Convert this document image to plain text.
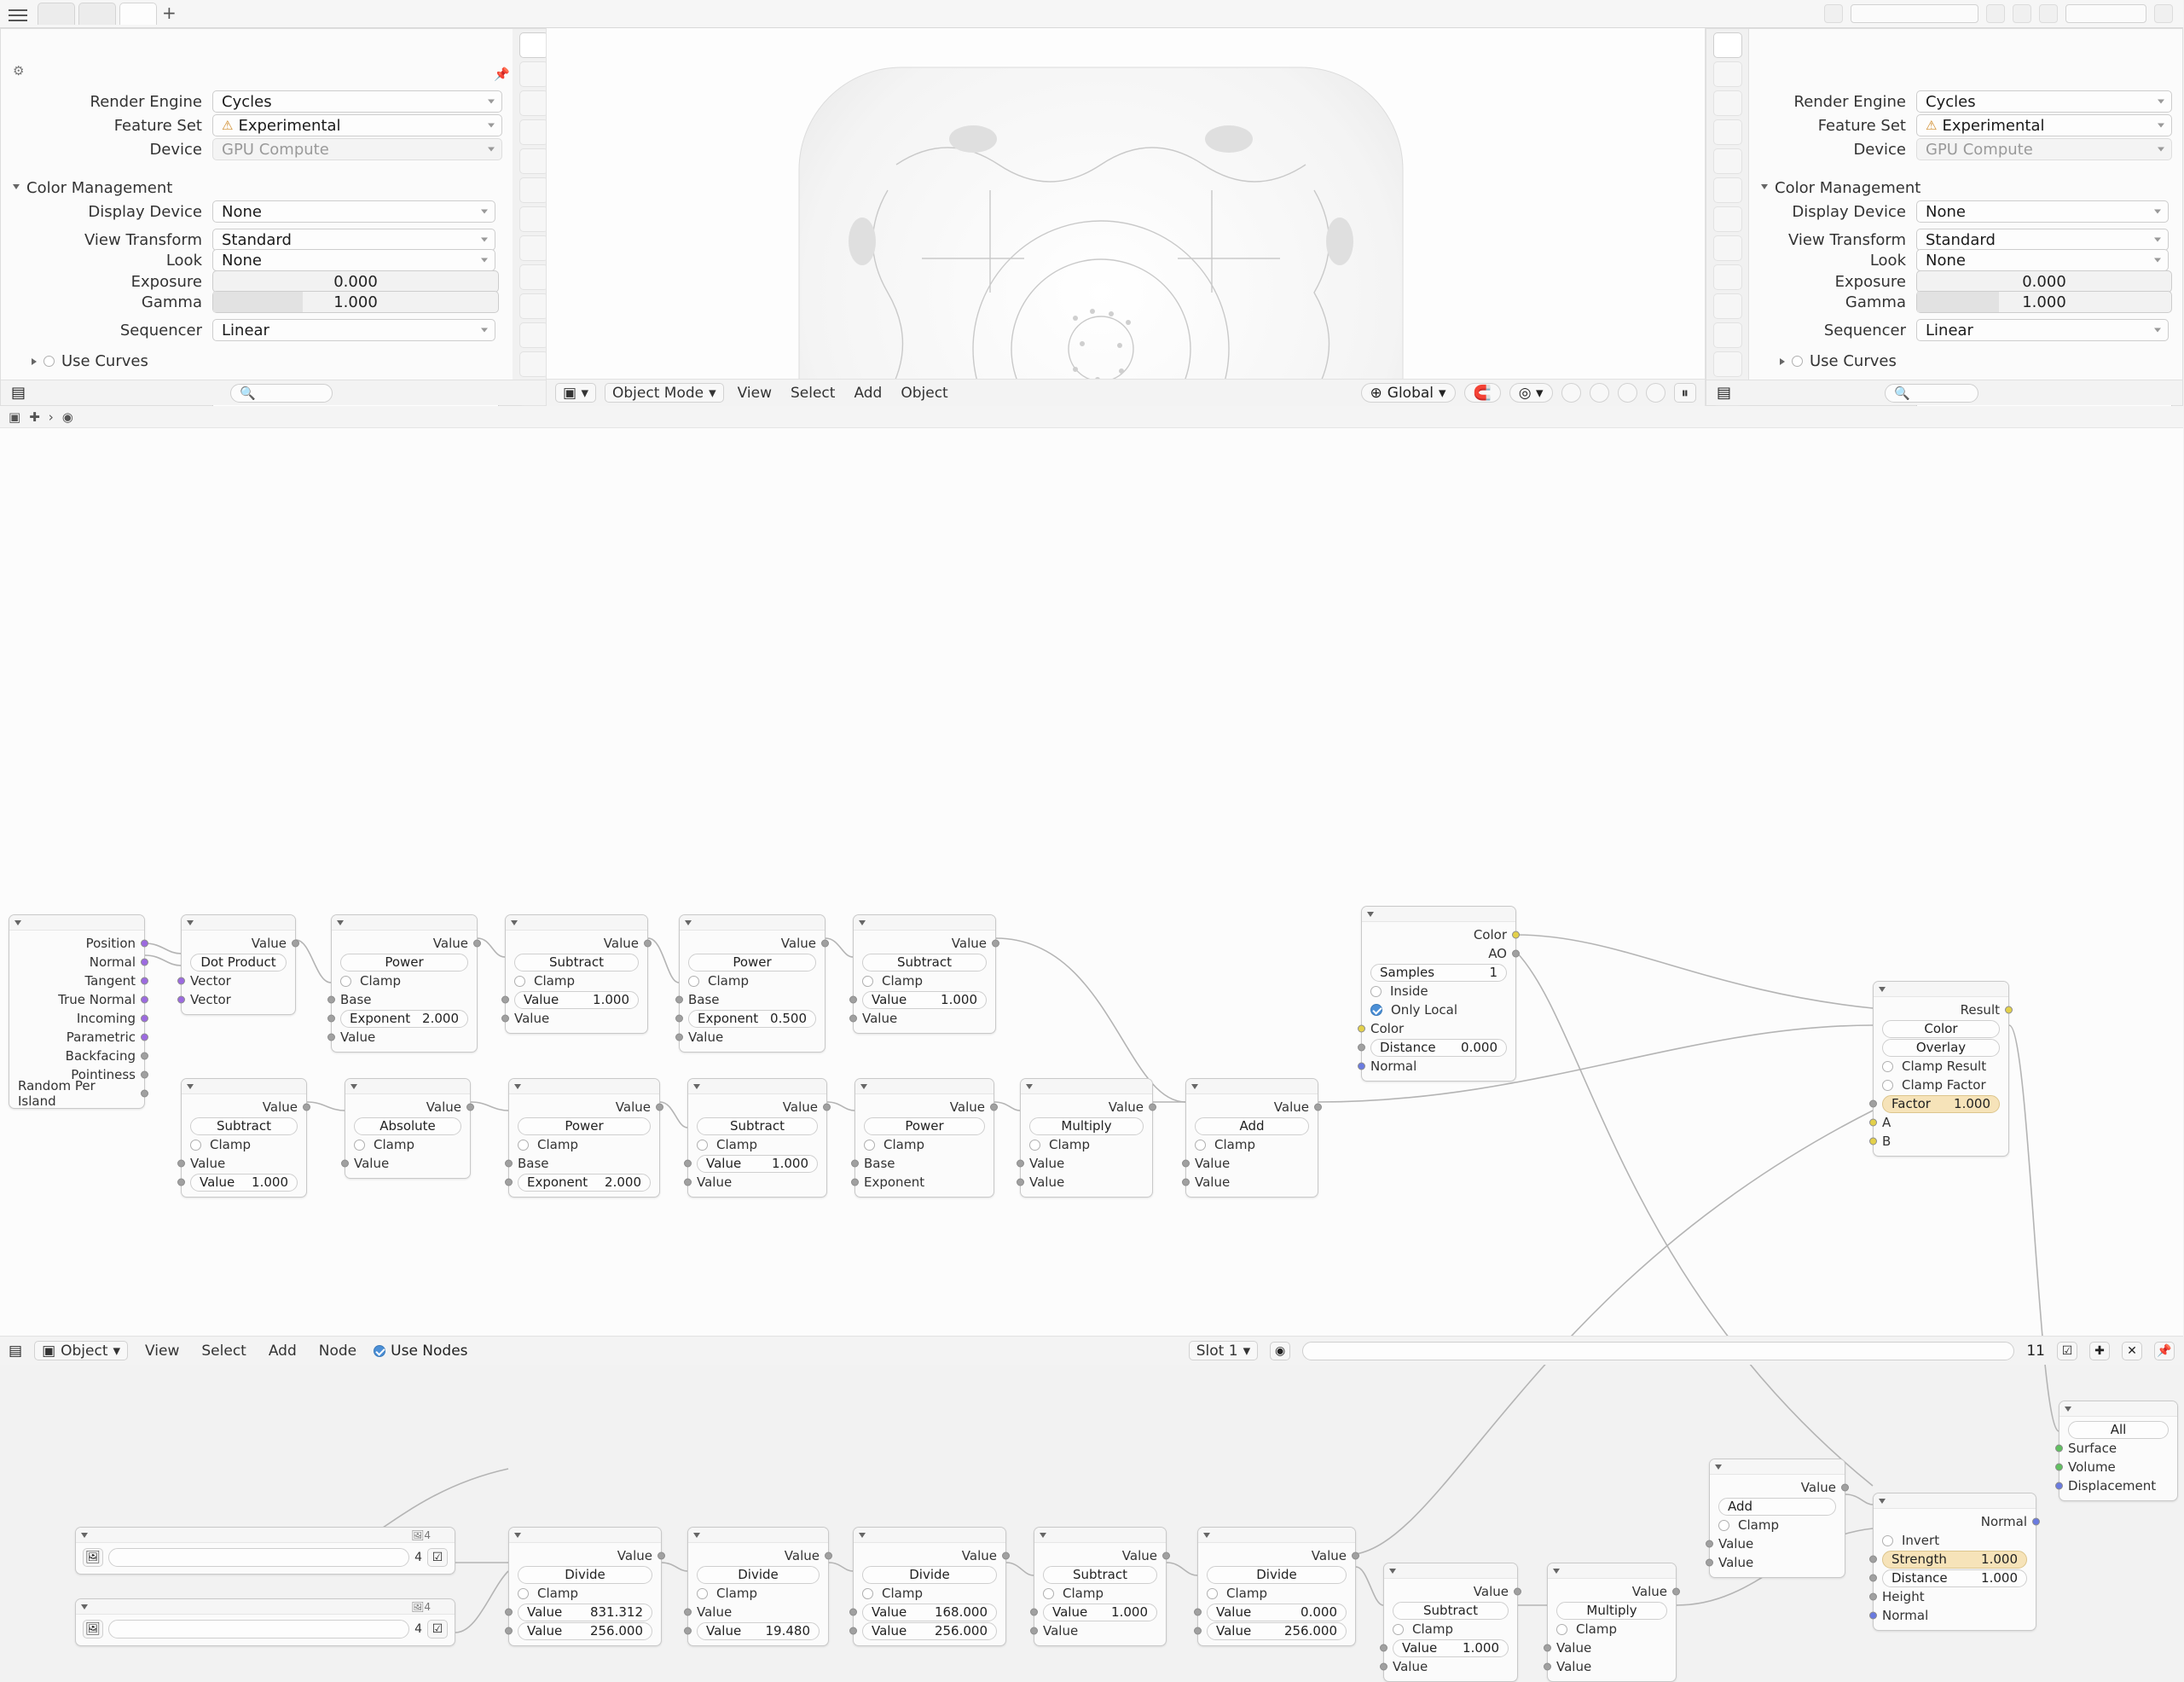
+
⚙	📌
Render Engine	Cycles
Feature Set	⚠ Experimental
Device	GPU Compute
Color Management
Display Device	None
View Transform	Standard
Look	None
Exposure	0.000
Gamma	1.000
Sequencer	Linear
Use Curves
▤	🔍	▣ ▾	Object Mode ▾	View	Select	Add	Object	⊕ Global ▾	🧲	◎ ▾	⏸
Render Engine	Cycles
Feature Set	⚠ Experimental
Device	GPU Compute
Color Management
Display Device	None
View Transform	Standard
Look	None
Exposure	0.000
Gamma	1.000
Sequencer	Linear
Use Curves
▤	🔍
▣ ✚ › ◉
Position
Normal
Tangent
True Normal
Incoming
Parametric
Backfacing
Pointiness
Random Per Island
Value
Dot Product
Vector
Vector
Value
Power
Clamp
Base
Exponent 2.000
Value
Value
Subtract
Clamp
Value	1.000
Value
Value
Power
Clamp
Base
Exponent 0.500
Value
Value
Subtract
Clamp
Value	1.000
Value
Value
Subtract
Clamp
Value
Value 1.000
Value
Absolute
Clamp
Value
Value
Power
Clamp
Base
Exponent 2.000
Value
Subtract
Clamp
Value 1.000
Value
Value
Power
Clamp
Base
Exponent
Value
Multiply
Clamp
Value
Value
Value
Add
Clamp
Value
Value
Color
AO
Samples	1
Inside
Only Local
Color
Distance 0.000
Normal
Result
Color
Overlay
Clamp Result
Clamp Factor
Factor 1.000
A
B
All
Surface
Volume
Displacement
Value
Add
Clamp
Value
Value
Normal
Invert
Strength	1.000
Distance	1.000
Height
Normal
🖼4
🖼	4 ☑
🖼4
🖼	4 ☑
Value
Divide
Clamp
Value 831.312
Value 256.000
Value
Divide
Clamp
Value
Value 19.480
Value
Divide
Clamp
Value 168.000
Value 256.000
Value
Subtract
Clamp
Value 1.000
Value
Value
Divide
Clamp
Value	0.000
Value	256.000
Value
Subtract
Clamp
Value 1.000
Value
Value
Multiply
Clamp
Value
Value
▤	▣ Object ▾	View	Select	Add	Node	Use Nodes	Slot 1 ▾	◉	11	☑	✚	✕	📌
